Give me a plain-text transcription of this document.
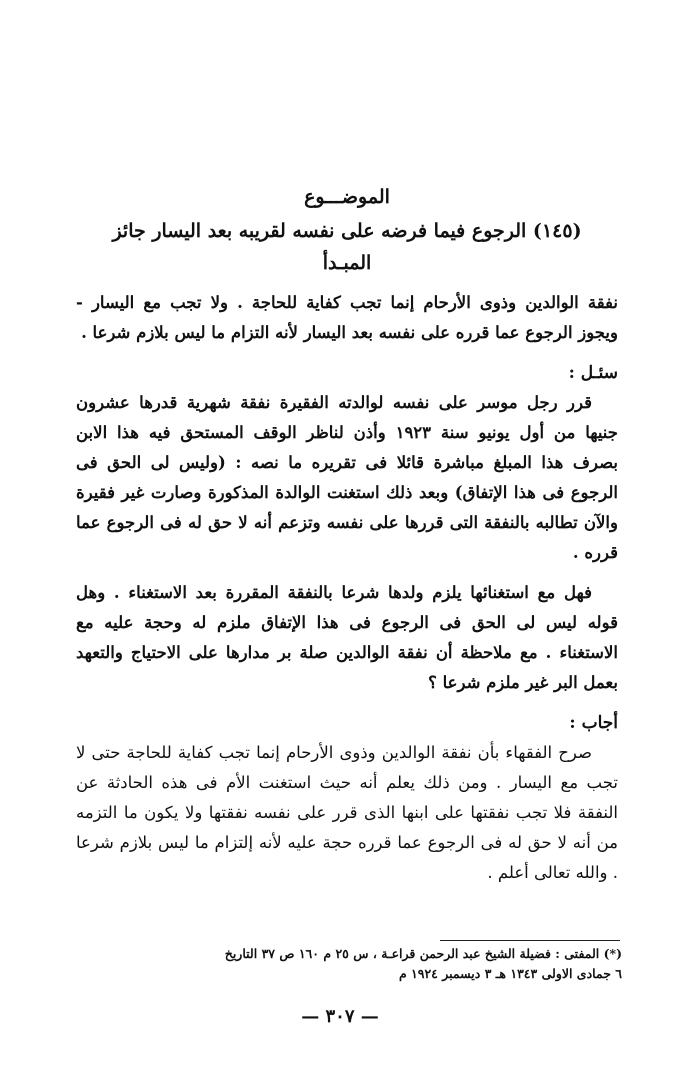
الموضـــوع

(١٤٥) الرجوع فيما فرضه على نفسه لقريبه بعد اليسار جائز

المبـدأ

نفقة الوالدين وذوى الأرحام إنما تجب كفاية للحاجة . ولا تجب مع اليسار - ويجوز الرجوع عما قرره على نفسه بعد اليسار لأنه التزام ما ليس بلازم شرعا .

سئـل :

قرر رجل موسر على نفسه لوالدته الفقيرة نفقة شهرية قدرها عشرون جنيها من أول يونيو سنة ١٩٢٣ وأذن لناظر الوقف المستحق فيه هذا الابن بصرف هذا المبلغ مباشرة قائلا فى تقريره ما نصه : (وليس لى الحق فى الرجوع فى هذا الإتفاق) وبعد ذلك استغنت الوالدة المذكورة وصارت غير فقيرة والآن تطالبه بالنفقة التى قررها على نفسه وتزعم أنه لا حق له فى الرجوع عما قرره .

فهل مع استغنائها يلزم ولدها شرعا بالنفقة المقررة بعد الاستغناء . وهل قوله ليس لى الحق فى الرجوع فى هذا الإتفاق ملزم له وحجة عليه مع الاستغناء . مع ملاحظة أن نفقة الوالدين صلة بر مدارها على الاحتياج والتعهد بعمل البر غير ملزم شرعا ؟

أجاب :

صرح الفقهاء بأن نفقة الوالدين وذوى الأرحام إنما تجب كفاية للحاجة حتى لا تجب مع اليسار . ومن ذلك يعلم أنه حيث استغنت الأم فى هذه الحادثة عن النفقة فلا تجب نفقتها على ابنها الذى قرر على نفسه نفقتها ولا يكون ما التزمه من أنه لا حق له فى الرجوع عما قرره حجة عليه لأنه إلتزام ما ليس بلازم شرعا . والله تعالى أعلم .

(*) المفتى : فضيلة الشيخ عبد الرحمن قراعـة ، س ٢٥ م ١٦٠ ص ٣٧ التاريخ
٦ جمادى الاولى ١٣٤٣ هـ ٣ ديسمبر ١٩٢٤ م
— ٣٠٧ —
